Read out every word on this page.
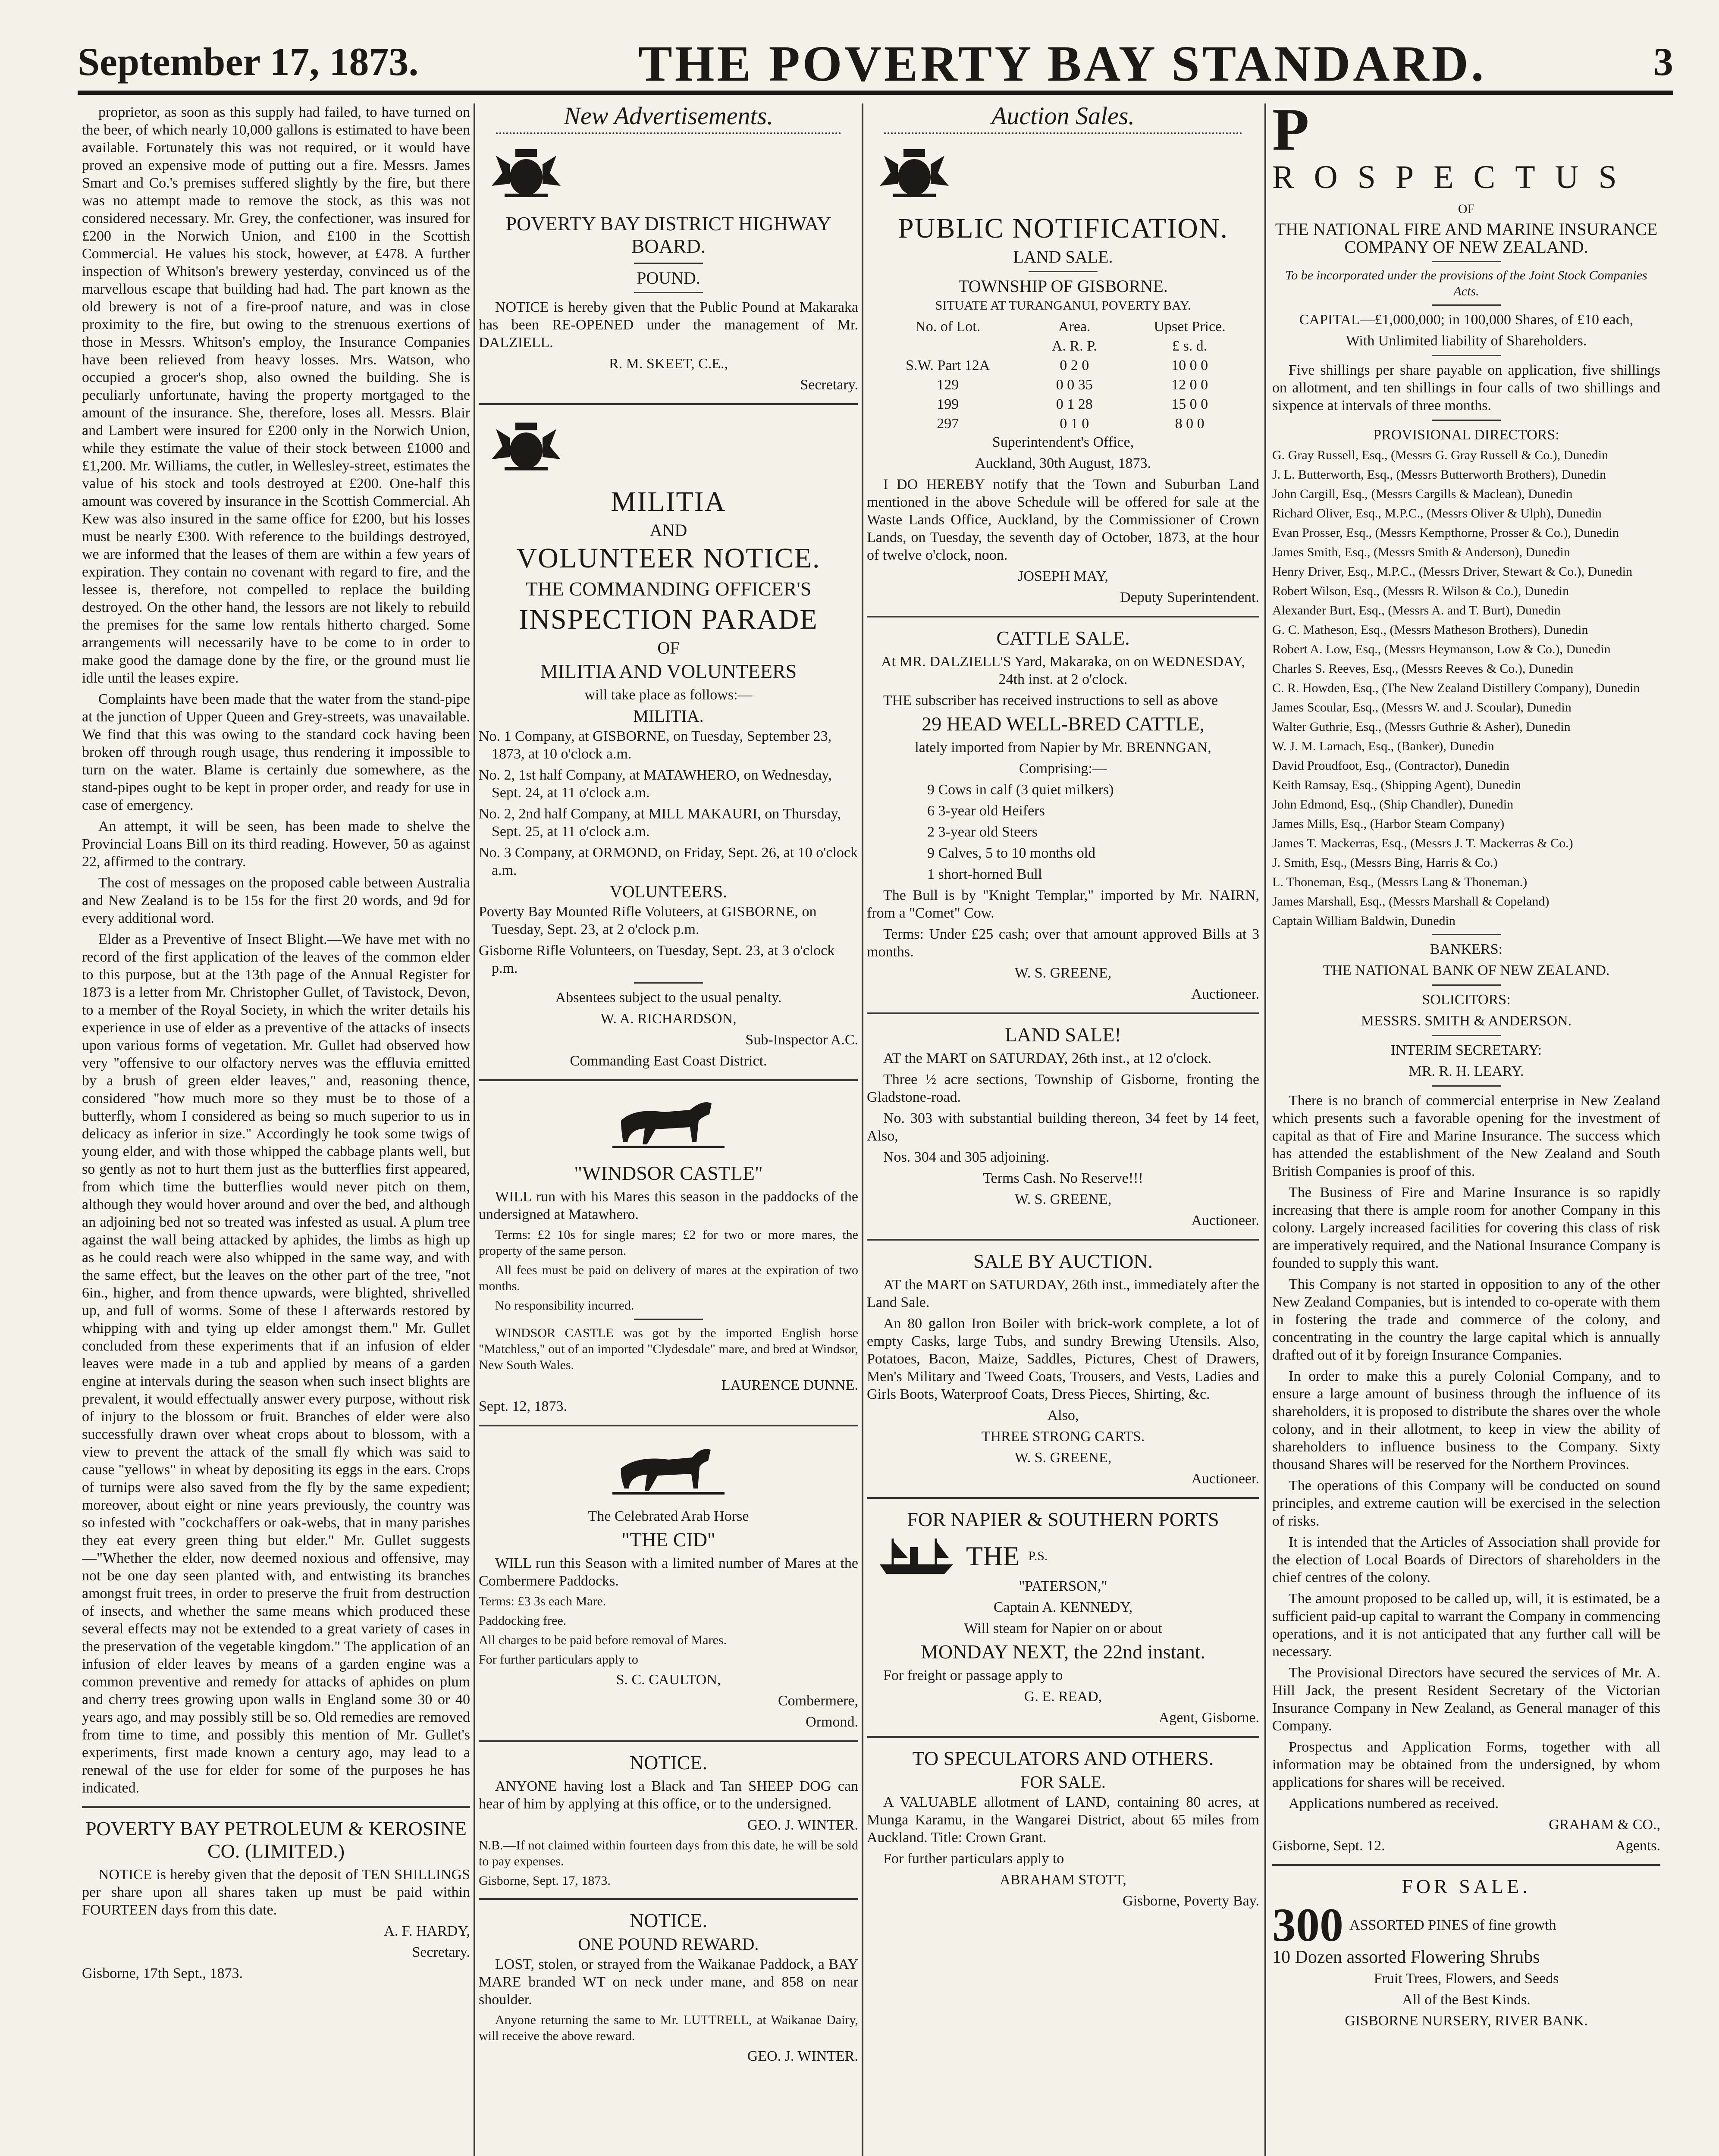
September 17, 1873.	THE POVERTY BAY STANDARD.	3

proprietor, as soon as this supply had failed, to have turned on the beer, of which nearly 10,000 gallons is estimated to have been available. Fortunately this was not required, or it would have proved an expensive mode of putting out a fire. Messrs. James Smart and Co.'s premises suffered slightly by the fire, but there was no attempt made to remove the stock, as this was not considered necessary. Mr. Grey, the confectioner, was insured for £200 in the Norwich Union, and £100 in the Scottish Commercial. He values his stock, however, at £478. A further inspection of Whitson's brewery yesterday, convinced us of the marvellous escape that building had had. The part known as the old brewery is not of a fire-proof nature, and was in close proximity to the fire, but owing to the strenuous exertions of those in Messrs. Whitson's employ, the Insurance Companies have been relieved from heavy losses. Mrs. Watson, who occupied a grocer's shop, also owned the building. She is peculiarly unfortunate, having the property mortgaged to the amount of the insurance. She, therefore, loses all. Messrs. Blair and Lambert were insured for £200 only in the Norwich Union, while they estimate the value of their stock between £1000 and £1,200. Mr. Williams, the cutler, in Wellesley-street, estimates the value of his stock and tools destroyed at £200. One-half this amount was covered by insurance in the Scottish Commercial. Ah Kew was also insured in the same office for £200, but his losses must be nearly £300. With reference to the buildings destroyed, we are informed that the leases of them are within a few years of expiration. They contain no covenant with regard to fire, and the lessee is, therefore, not compelled to replace the building destroyed. On the other hand, the lessors are not likely to rebuild the premises for the same low rentals hitherto charged. Some arrangements will necessarily have to be come to in order to make good the damage done by the fire, or the ground must lie idle until the leases expire.

Complaints have been made that the water from the stand-pipe at the junction of Upper Queen and Grey-streets, was unavailable. We find that this was owing to the standard cock having been broken off through rough usage, thus rendering it impossible to turn on the water. Blame is certainly due somewhere, as the stand-pipes ought to be kept in proper order, and ready for use in case of emergency.

An attempt, it will be seen, has been made to shelve the Provincial Loans Bill on its third reading. However, 50 as against 22, affirmed to the contrary.

The cost of messages on the proposed cable between Australia and New Zealand is to be 15s for the first 20 words, and 9d for every additional word.

Elder as a Preventive of Insect Blight.—We have met with no record of the first application of the leaves of the common elder to this purpose, but at the 13th page of the Annual Register for 1873 is a letter from Mr. Christopher Gullet, of Tavistock, Devon, to a member of the Royal Society, in which the writer details his experience in use of elder as a preventive of the attacks of insects upon various forms of vegetation. Mr. Gullet had observed how very "offensive to our olfactory nerves was the effluvia emitted by a brush of green elder leaves," and, reasoning thence, considered "how much more so they must be to those of a butterfly, whom I considered as being so much superior to us in delicacy as inferior in size." Accordingly he took some twigs of young elder, and with those whipped the cabbage plants well, but so gently as not to hurt them just as the butterflies first appeared, from which time the butterflies would never pitch on them, although they would hover around and over the bed, and although an adjoining bed not so treated was infested as usual. A plum tree against the wall being attacked by aphides, the limbs as high up as he could reach were also whipped in the same way, and with the same effect, but the leaves on the other part of the tree, "not 6in., higher, and from thence upwards, were blighted, shrivelled up, and full of worms. Some of these I afterwards restored by whipping with and tying up elder amongst them." Mr. Gullet concluded from these experiments that if an infusion of elder leaves were made in a tub and applied by means of a garden engine at intervals during the season when such insect blights are prevalent, it would effectually answer every purpose, without risk of injury to the blossom or fruit. Branches of elder were also successfully drawn over wheat crops about to blossom, with a view to prevent the attack of the small fly which was said to cause "yellows" in wheat by depositing its eggs in the ears. Crops of turnips were also saved from the fly by the same expedient; moreover, about eight or nine years previously, the country was so infested with "cockchaffers or oak-webs, that in many parishes they eat every green thing but elder." Mr. Gullet suggests—"Whether the elder, now deemed noxious and offensive, may not be one day seen planted with, and entwisting its branches amongst fruit trees, in order to preserve the fruit from destruction of insects, and whether the same means which produced these several effects may not be extended to a great variety of cases in the preservation of the vegetable kingdom." The application of an infusion of elder leaves by means of a garden engine was a common preventive and remedy for attacks of aphides on plum and cherry trees growing upon walls in England some 30 or 40 years ago, and may possibly still be so. Old remedies are removed from time to time, and possibly this mention of Mr. Gullet's experiments, first made known a century ago, may lead to a renewal of the use for elder for some of the purposes he has indicated.

POVERTY BAY PETROLEUM & KEROSINE CO. (LIMITED.)

NOTICE is hereby given that the deposit of TEN SHILLINGS per share upon all shares taken up must be paid within FOURTEEN days from this date.

A. F. HARDY,

Secretary.

Gisborne, 17th Sept., 1873.

New Advertisements.
POVERTY BAY DISTRICT HIGHWAY BOARD.
POUND.

NOTICE is hereby given that the Public Pound at Makaraka has been RE-OPENED under the management of Mr. DALZIELL.

R. M. SKEET, C.E.,

Secretary.

MILITIA
AND
VOLUNTEER NOTICE.
THE COMMANDING OFFICER'S
INSPECTION PARADE
OF
MILITIA AND VOLUNTEERS

will take place as follows:—

MILITIA.

No. 1 Company, at GISBORNE, on Tuesday, September 23, 1873, at 10 o'clock a.m.

No. 2, 1st half Company, at MATAWHERO, on Wednesday, Sept. 24, at 11 o'clock a.m.

No. 2, 2nd half Company, at MILL MAKAURI, on Thursday, Sept. 25, at 11 o'clock a.m.

No. 3 Company, at ORMOND, on Friday, Sept. 26, at 10 o'clock a.m.

VOLUNTEERS.

Poverty Bay Mounted Rifle Voluteers, at GISBORNE, on Tuesday, Sept. 23, at 2 o'clock p.m.

Gisborne Rifle Volunteers, on Tuesday, Sept. 23, at 3 o'clock p.m.

Absentees subject to the usual penalty.

W. A. RICHARDSON,

Sub-Inspector A.C.

Commanding East Coast District.

"WINDSOR CASTLE"

WILL run with his Mares this season in the paddocks of the undersigned at Matawhero.

Terms: £2 10s for single mares; £2 for two or more mares, the property of the same person.

All fees must be paid on delivery of mares at the expiration of two months.

No responsibility incurred.

WINDSOR CASTLE was got by the imported English horse "Matchless," out of an imported "Clydesdale" mare, and bred at Windsor, New South Wales.

LAURENCE DUNNE.

Sept. 12, 1873.

The Celebrated Arab Horse

"THE CID"

WILL run this Season with a limited number of Mares at the Combermere Paddocks.

Terms: £3 3s each Mare.

Paddocking free.

All charges to be paid before removal of Mares.

For further particulars apply to

S. C. CAULTON,

Combermere,

Ormond.

NOTICE.

ANYONE having lost a Black and Tan SHEEP DOG can hear of him by applying at this office, or to the undersigned.

GEO. J. WINTER.

N.B.—If not claimed within fourteen days from this date, he will be sold to pay expenses.

Gisborne, Sept. 17, 1873.

NOTICE.
ONE POUND REWARD.

LOST, stolen, or strayed from the Waikanae Paddock, a BAY MARE branded WT on neck under mane, and 858 on near shoulder.

Anyone returning the same to Mr. LUTTRELL, at Waikanae Dairy, will receive the above reward.

GEO. J. WINTER.

Auction Sales.
PUBLIC NOTIFICATION.
LAND SALE.
TOWNSHIP OF GISBORNE.

SITUATE AT TURANGANUI, POVERTY BAY.

No. of Lot.	Area.	Upset Price.
	A. R. P.	£ s. d.
S.W. Part 12A	0 2 0	10 0 0
129	0 0 35	12 0 0
199	0 1 28	15 0 0
297	0 1 0	8 0 0

Superintendent's Office,

Auckland, 30th August, 1873.

I DO HEREBY notify that the Town and Suburban Land mentioned in the above Schedule will be offered for sale at the Waste Lands Office, Auckland, by the Commissioner of Crown Lands, on Tuesday, the seventh day of October, 1873, at the hour of twelve o'clock, noon.

JOSEPH MAY,

Deputy Superintendent.

CATTLE SALE.

At MR. DALZIELL'S Yard, Makaraka, on on WEDNESDAY, 24th inst. at 2 o'clock.

THE subscriber has received instructions to sell as above

29 HEAD WELL-BRED CATTLE,

lately imported from Napier by Mr. BRENNGAN,

Comprising:—

9 Cows in calf (3 quiet milkers)

6 3-year old Heifers

2 3-year old Steers

9 Calves, 5 to 10 months old

1 short-horned Bull

The Bull is by "Knight Templar," imported by Mr. NAIRN, from a "Comet" Cow.

Terms: Under £25 cash; over that amount approved Bills at 3 months.

W. S. GREENE,

Auctioneer.

LAND SALE!

AT the MART on SATURDAY, 26th inst., at 12 o'clock.

Three ½ acre sections, Township of Gisborne, fronting the Gladstone-road.

No. 303 with substantial building thereon, 34 feet by 14 feet, Also,

Nos. 304 and 305 adjoining.

Terms Cash. No Reserve!!!

W. S. GREENE,

Auctioneer.

SALE BY AUCTION.

AT the MART on SATURDAY, 26th inst., immediately after the Land Sale.

An 80 gallon Iron Boiler with brick-work complete, a lot of empty Casks, large Tubs, and sundry Brewing Utensils. Also, Potatoes, Bacon, Maize, Saddles, Pictures, Chest of Drawers, Men's Military and Tweed Coats, Trousers, and Vests, Ladies and Girls Boots, Waterproof Coats, Dress Pieces, Shirting, &c.

Also,

THREE STRONG CARTS.

W. S. GREENE,

Auctioneer.

FOR NAPIER & SOUTHERN PORTS
THE P.S.

"PATERSON,"

Captain A. KENNEDY,

Will steam for Napier on or about

MONDAY NEXT, the 22nd instant.

For freight or passage apply to

G. E. READ,

Agent, Gisborne.

TO SPECULATORS AND OTHERS.
FOR SALE.

A VALUABLE allotment of LAND, containing 80 acres, at Munga Karamu, in the Wangarei District, about 65 miles from Auckland. Title: Crown Grant.

For further particulars apply to

ABRAHAM STOTT,

Gisborne, Poverty Bay.

P
ROSPECTUS

OF

THE NATIONAL FIRE AND MARINE INSURANCE COMPANY OF NEW ZEALAND.

To be incorporated under the provisions of the Joint Stock Companies Acts.

CAPITAL—£1,000,000; in 100,000 Shares, of £10 each,

With Unlimited liability of Shareholders.

Five shillings per share payable on application, five shillings on allotment, and ten shillings in four calls of two shillings and sixpence at intervals of three months.

PROVISIONAL DIRECTORS:

G. Gray Russell, Esq., (Messrs G. Gray Russell & Co.), Dunedin

J. L. Butterworth, Esq., (Messrs Butterworth Brothers), Dunedin

John Cargill, Esq., (Messrs Cargills & Maclean), Dunedin

Richard Oliver, Esq., M.P.C., (Messrs Oliver & Ulph), Dunedin

Evan Prosser, Esq., (Messrs Kempthorne, Prosser & Co.), Dunedin

James Smith, Esq., (Messrs Smith & Anderson), Dunedin

Henry Driver, Esq., M.P.C., (Messrs Driver, Stewart & Co.), Dunedin

Robert Wilson, Esq., (Messrs R. Wilson & Co.), Dunedin

Alexander Burt, Esq., (Messrs A. and T. Burt), Dunedin

G. C. Matheson, Esq., (Messrs Matheson Brothers), Dunedin

Robert A. Low, Esq., (Messrs Heymanson, Low & Co.), Dunedin

Charles S. Reeves, Esq., (Messrs Reeves & Co.), Dunedin

C. R. Howden, Esq., (The New Zealand Distillery Company), Dunedin

James Scoular, Esq., (Messrs W. and J. Scoular), Dunedin

Walter Guthrie, Esq., (Messrs Guthrie & Asher), Dunedin

W. J. M. Larnach, Esq., (Banker), Dunedin

David Proudfoot, Esq., (Contractor), Dunedin

Keith Ramsay, Esq., (Shipping Agent), Dunedin

John Edmond, Esq., (Ship Chandler), Dunedin

James Mills, Esq., (Harbor Steam Company)

James T. Mackerras, Esq., (Messrs J. T. Mackerras & Co.)

J. Smith, Esq., (Messrs Bing, Harris & Co.)

L. Thoneman, Esq., (Messrs Lang & Thoneman.)

James Marshall, Esq., (Messrs Marshall & Copeland)

Captain William Baldwin, Dunedin

BANKERS:

THE NATIONAL BANK OF NEW ZEALAND.

SOLICITORS:

MESSRS. SMITH & ANDERSON.

INTERIM SECRETARY:

MR. R. H. LEARY.

There is no branch of commercial enterprise in New Zealand which presents such a favorable opening for the investment of capital as that of Fire and Marine Insurance. The success which has attended the establishment of the New Zealand and South British Companies is proof of this.

The Business of Fire and Marine Insurance is so rapidly increasing that there is ample room for another Company in this colony. Largely increased facilities for covering this class of risk are imperatively required, and the National Insurance Company is founded to supply this want.

This Company is not started in opposition to any of the other New Zealand Companies, but is intended to co-operate with them in fostering the trade and commerce of the colony, and concentrating in the country the large capital which is annually drafted out of it by foreign Insurance Companies.

In order to make this a purely Colonial Company, and to ensure a large amount of business through the influence of its shareholders, it is proposed to distribute the shares over the whole colony, and in their allotment, to keep in view the ability of shareholders to influence business to the Company. Sixty thousand Shares will be reserved for the Northern Provinces.

The operations of this Company will be conducted on sound principles, and extreme caution will be exercised in the selection of risks.

It is intended that the Articles of Association shall provide for the election of Local Boards of Directors of shareholders in the chief centres of the colony.

The amount proposed to be called up, will, it is estimated, be a sufficient paid-up capital to warrant the Company in commencing operations, and it is not anticipated that any further call will be necessary.

The Provisional Directors have secured the services of Mr. A. Hill Jack, the present Resident Secretary of the Victorian Insurance Company in New Zealand, as General manager of this Company.

Prospectus and Application Forms, together with all information may be obtained from the undersigned, by whom applications for shares will be received.

Applications numbered as received.

GRAHAM & CO.,

Gisborne, Sept. 12.	Agents.
FOR SALE.
300 ASSORTED PINES of fine growth

10 Dozen assorted Flowering Shrubs

Fruit Trees, Flowers, and Seeds

All of the Best Kinds.

GISBORNE NURSERY, RIVER BANK.
